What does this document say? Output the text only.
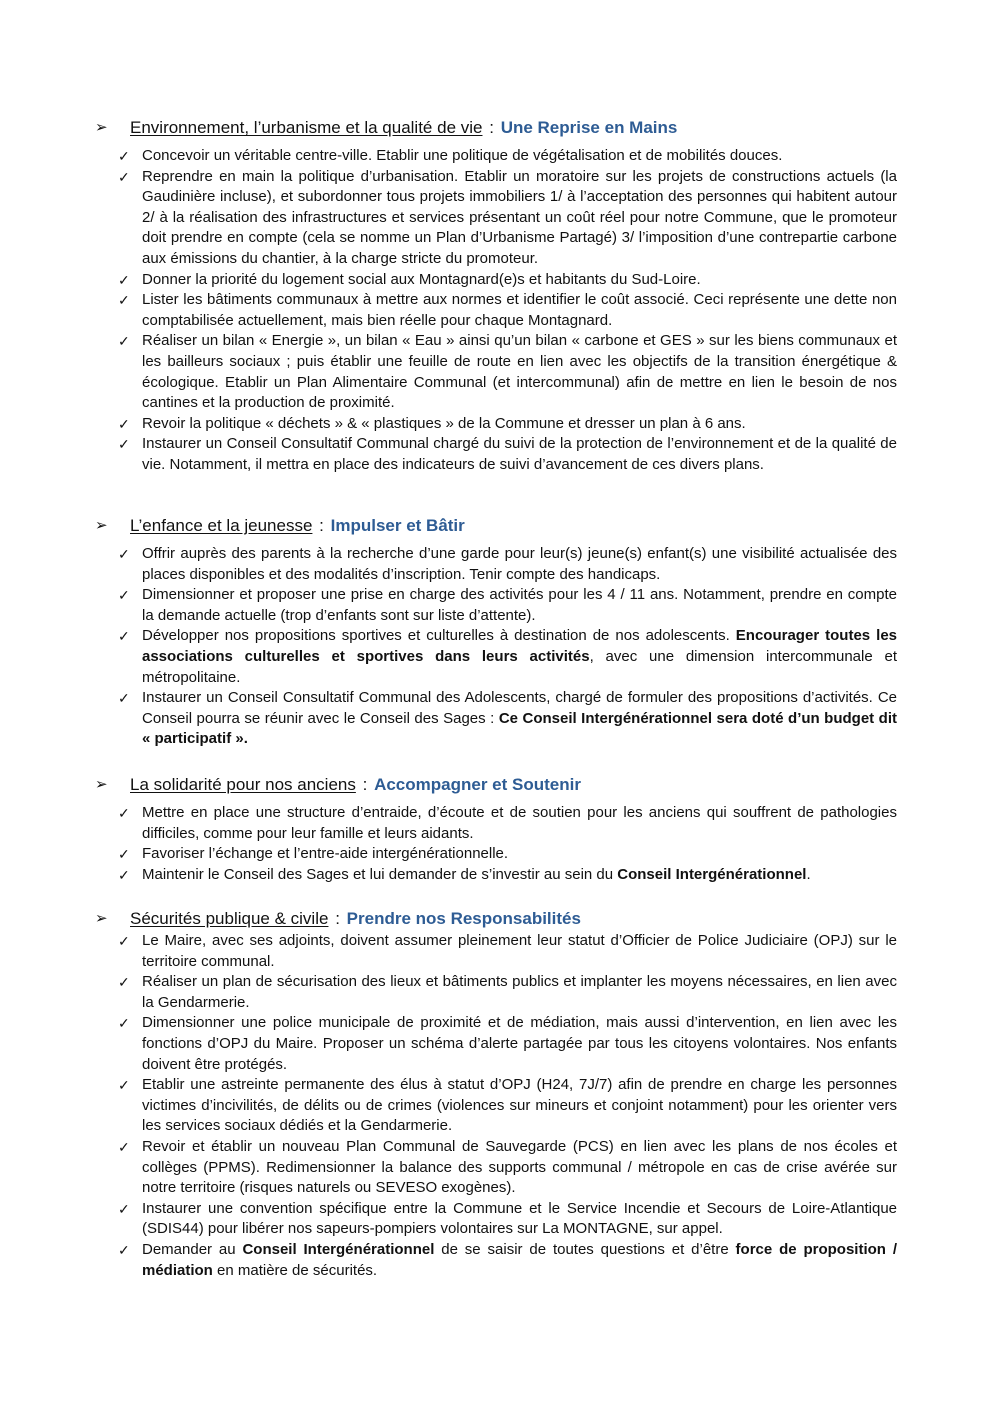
➢ Environnement, l’urbanisme et la qualité de vie : Une Reprise en Mains
✓ Concevoir un véritable centre-ville. Etablir une politique de végétalisation et de mobilités douces.
✓ Reprendre en main la politique d’urbanisation. Etablir un moratoire sur les projets de constructions actuels (la Gaudinière incluse), et subordonner tous projets immobiliers 1/ à l’acceptation des personnes qui habitent autour 2/ à la réalisation des infrastructures et services présentant un coût réel pour notre Commune, que le promoteur doit prendre en compte (cela se nomme un Plan d’Urbanisme Partagé) 3/ l’imposition d’une contrepartie carbone aux émissions du chantier, à la charge stricte du promoteur.
✓ Donner la priorité du logement social aux Montagnard(e)s et habitants du Sud-Loire.
✓ Lister les bâtiments communaux à mettre aux normes et identifier le coût associé. Ceci représente une dette non comptabilisée actuellement, mais bien réelle pour chaque Montagnard.
✓ Réaliser un bilan « Energie », un bilan « Eau » ainsi qu’un bilan « carbone et GES » sur les biens communaux et les bailleurs sociaux ; puis établir une feuille de route en lien avec les objectifs de la transition énergétique & écologique. Etablir un Plan Alimentaire Communal (et intercommunal) afin de mettre en lien le besoin de nos cantines et la production de proximité.
✓ Revoir la politique « déchets » & « plastiques » de la Commune et dresser un plan à 6 ans.
✓ Instaurer un Conseil Consultatif Communal chargé du suivi de la protection de l’environnement et de la qualité de vie. Notamment, il mettra en place des indicateurs de suivi d’avancement de ces divers plans.
➢ L’enfance et la jeunesse : Impulser et Bâtir
✓ Offrir auprès des parents à la recherche d’une garde pour leur(s) jeune(s) enfant(s) une visibilité actualisée des places disponibles et des modalités d’inscription. Tenir compte des handicaps.
✓ Dimensionner et proposer une prise en charge des activités pour les 4 / 11 ans. Notamment, prendre en compte la demande actuelle (trop d’enfants sont sur liste d’attente).
✓ Développer nos propositions sportives et culturelles à destination de nos adolescents. Encourager toutes les associations culturelles et sportives dans leurs activités, avec une dimension intercommunale et métropolitaine.
✓ Instaurer un Conseil Consultatif Communal des Adolescents, chargé de formuler des propositions d’activités. Ce Conseil pourra se réunir avec le Conseil des Sages : Ce Conseil Intergénérationnel sera doté d’un budget dit « participatif ».
➢ La solidarité pour nos anciens : Accompagner et Soutenir
✓ Mettre en place une structure d’entraide, d’écoute et de soutien pour les anciens qui souffrent de pathologies difficiles, comme pour leur famille et leurs aidants.
✓ Favoriser l’échange et l’entre-aide intergénérationnelle.
✓ Maintenir le Conseil des Sages et lui demander de s’investir au sein du Conseil Intergénérationnel.
➢ Sécurités publique & civile : Prendre nos Responsabilités
✓ Le Maire, avec ses adjoints, doivent assumer pleinement leur statut d’Officier de Police Judiciaire (OPJ) sur le territoire communal.
✓ Réaliser un plan de sécurisation des lieux et bâtiments publics et implanter les moyens nécessaires, en lien avec la Gendarmerie.
✓ Dimensionner une police municipale de proximité et de médiation, mais aussi d’intervention, en lien avec les fonctions d’OPJ du Maire. Proposer un schéma d’alerte partagée par tous les citoyens volontaires. Nos enfants doivent être protégés.
✓ Etablir une astreinte permanente des élus à statut d’OPJ (H24, 7J/7) afin de prendre en charge les personnes victimes d’incivilités, de délits ou de crimes (violences sur mineurs et conjoint notamment) pour les orienter vers les services sociaux dédiés et la Gendarmerie.
✓ Revoir et établir un nouveau Plan Communal de Sauvegarde (PCS) en lien avec les plans de nos écoles et collèges (PPMS). Redimensionner la balance des supports communal / métropole en cas de crise avérée sur notre territoire (risques naturels ou SEVESO exogènes).
✓ Instaurer une convention spécifique entre la Commune et le Service Incendie et Secours de Loire-Atlantique (SDIS44) pour libérer nos sapeurs-pompiers volontaires sur La MONTAGNE, sur appel.
✓ Demander au Conseil Intergénérationnel de se saisir de toutes questions et d’être force de proposition / médiation en matière de sécurités.
